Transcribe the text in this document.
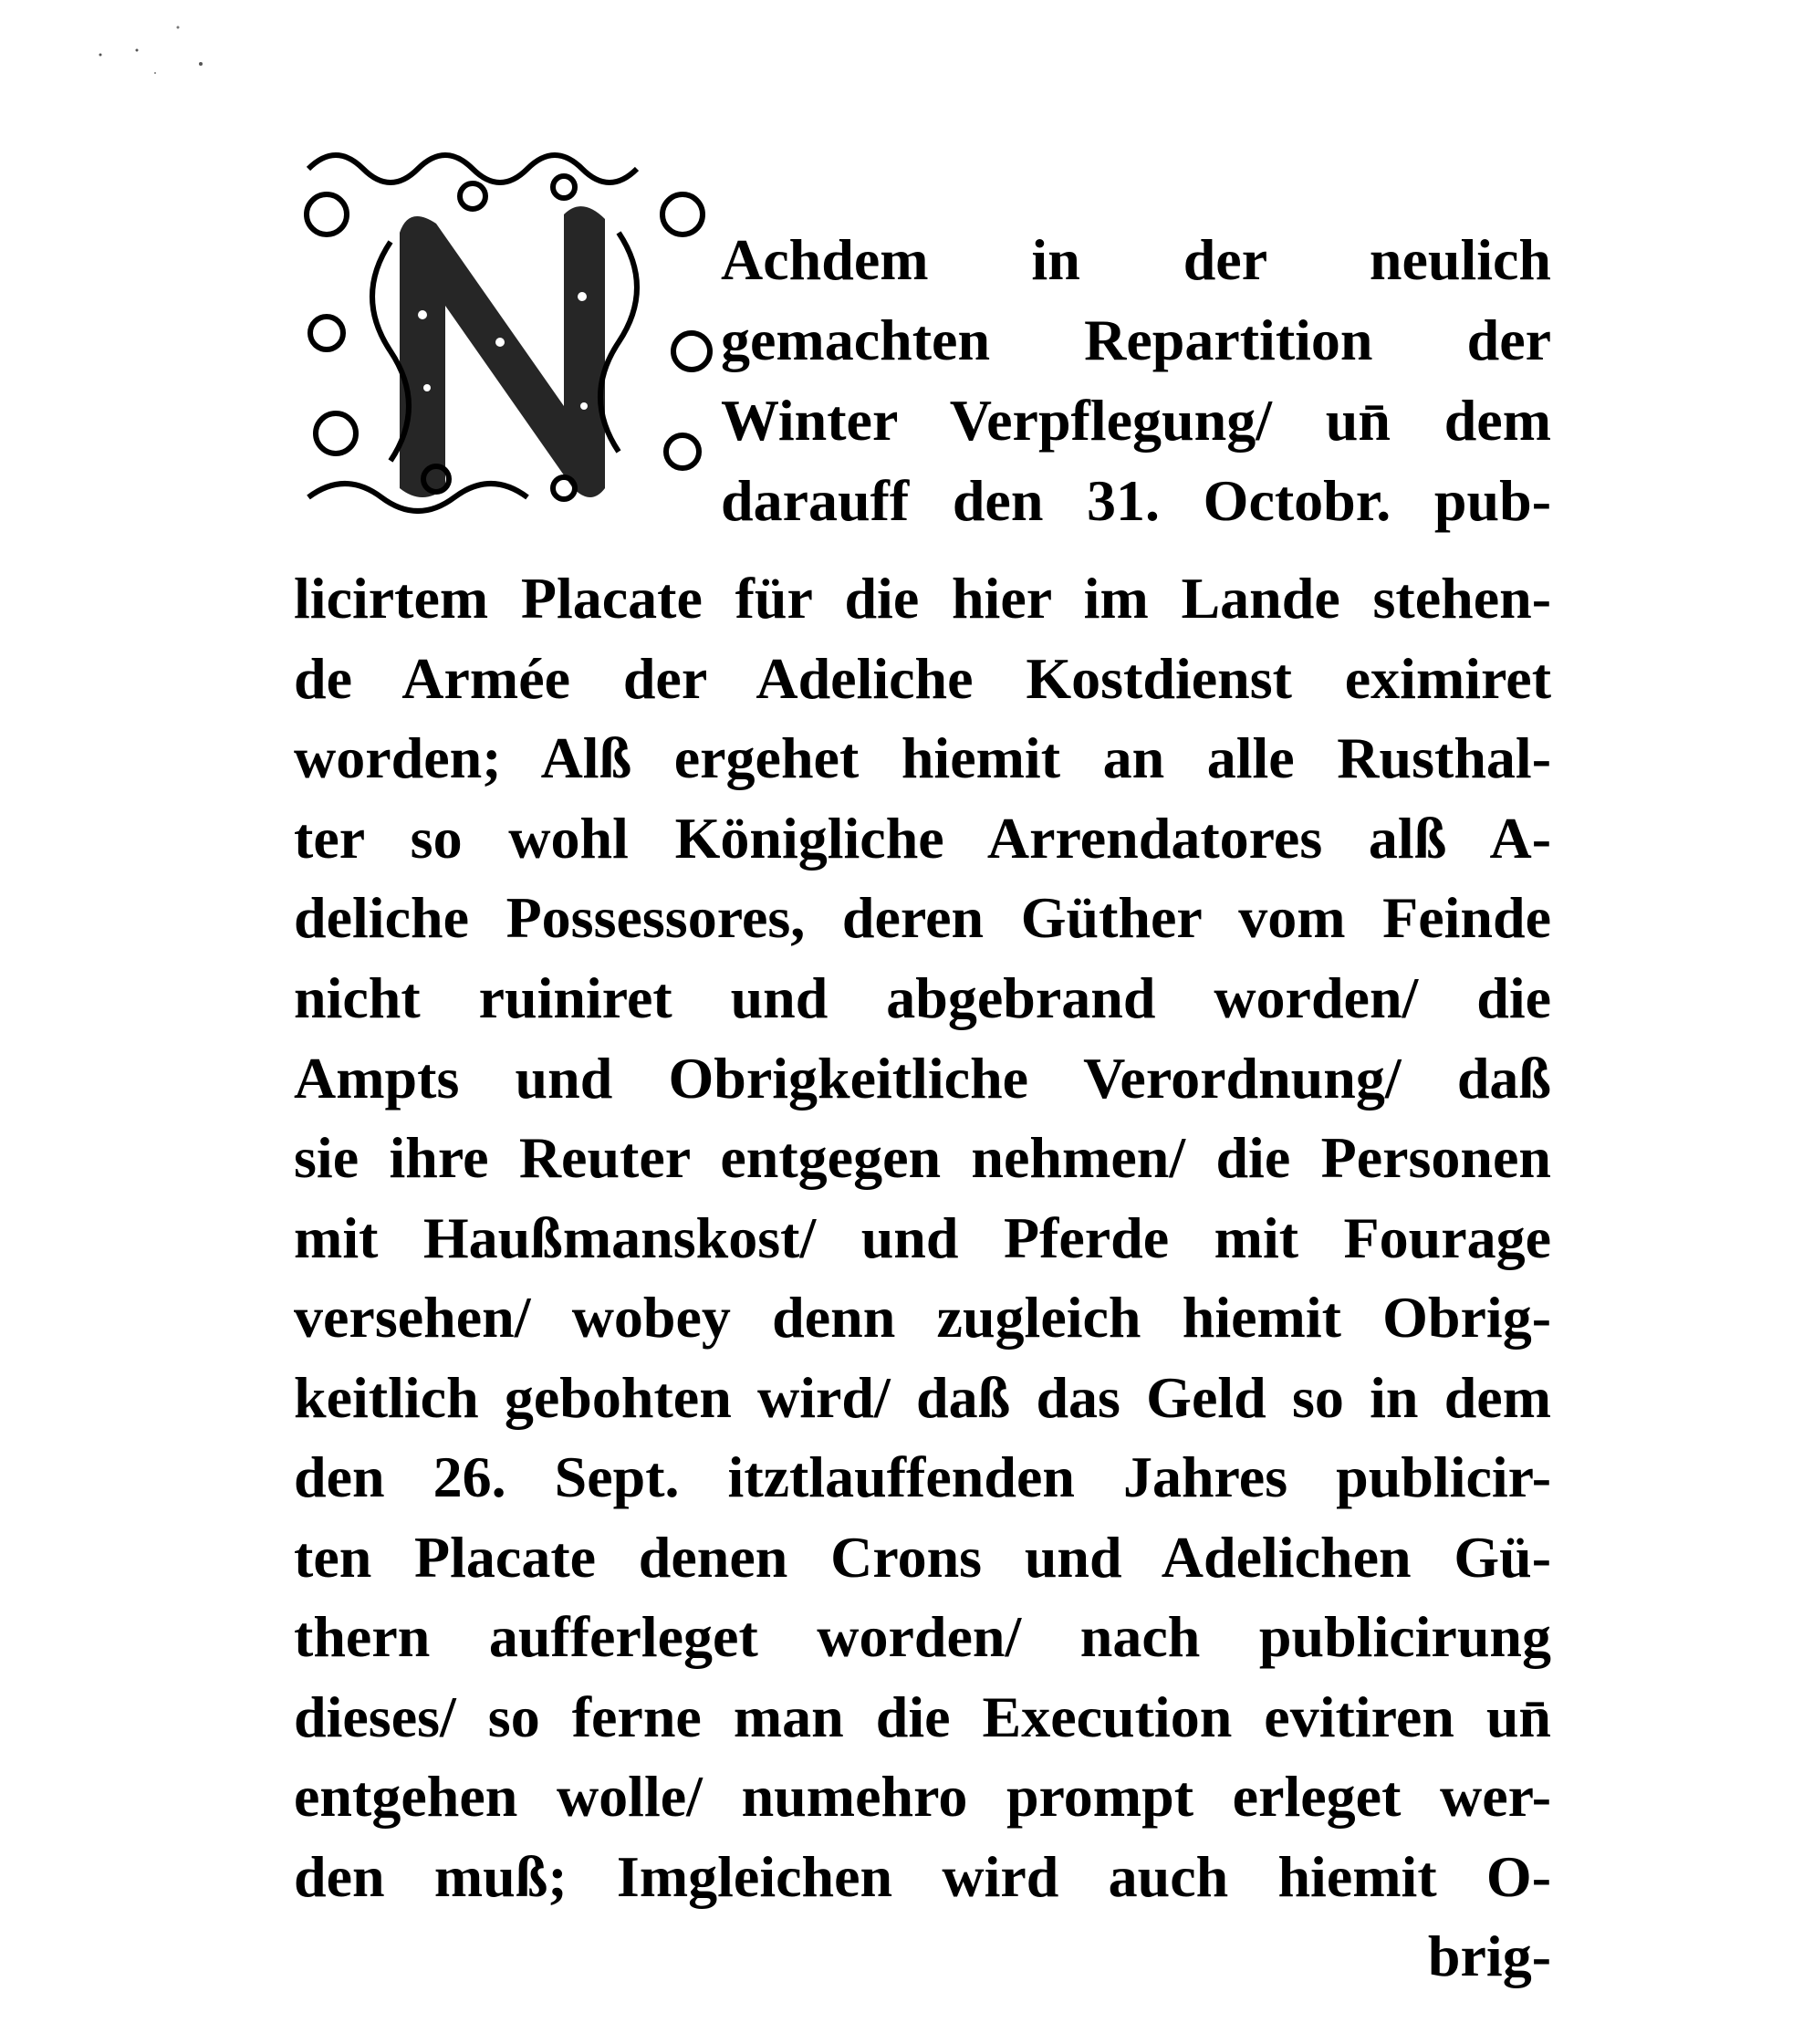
Achdem in der neulich
gemachten Repartition der
Winter Verpflegung/ un̄ dem
darauff den 31. Octobr. pub-
licirtem Placate für die hier im Lande stehen-
de Armée der Adeliche Kostdienst eximiret
worden; Alß ergehet hiemit an alle Rusthal-
ter so wohl Königliche Arrendatores alß A-
deliche Possessores, deren Güther vom Feinde
nicht ruiniret und abgebrand worden/ die
Ampts und Obrigkeitliche Verordnung/ daß
sie ihre Reuter entgegen nehmen/ die Personen
mit Haußmanskost/ und Pferde mit Fourage
versehen/ wobey denn zugleich hiemit Obrig-
keitlich gebohten wird/ daß das Geld so in dem
den 26. Sept. itztlauffenden Jahres publicir-
ten Placate denen Crons und Adelichen Gü-
thern aufferleget worden/ nach publicirung
dieses/ so ferne man die Execution evitiren un̄
entgehen wolle/ numehro prompt erleget wer-
den muß; Imgleichen wird auch hiemit O-
brig-
